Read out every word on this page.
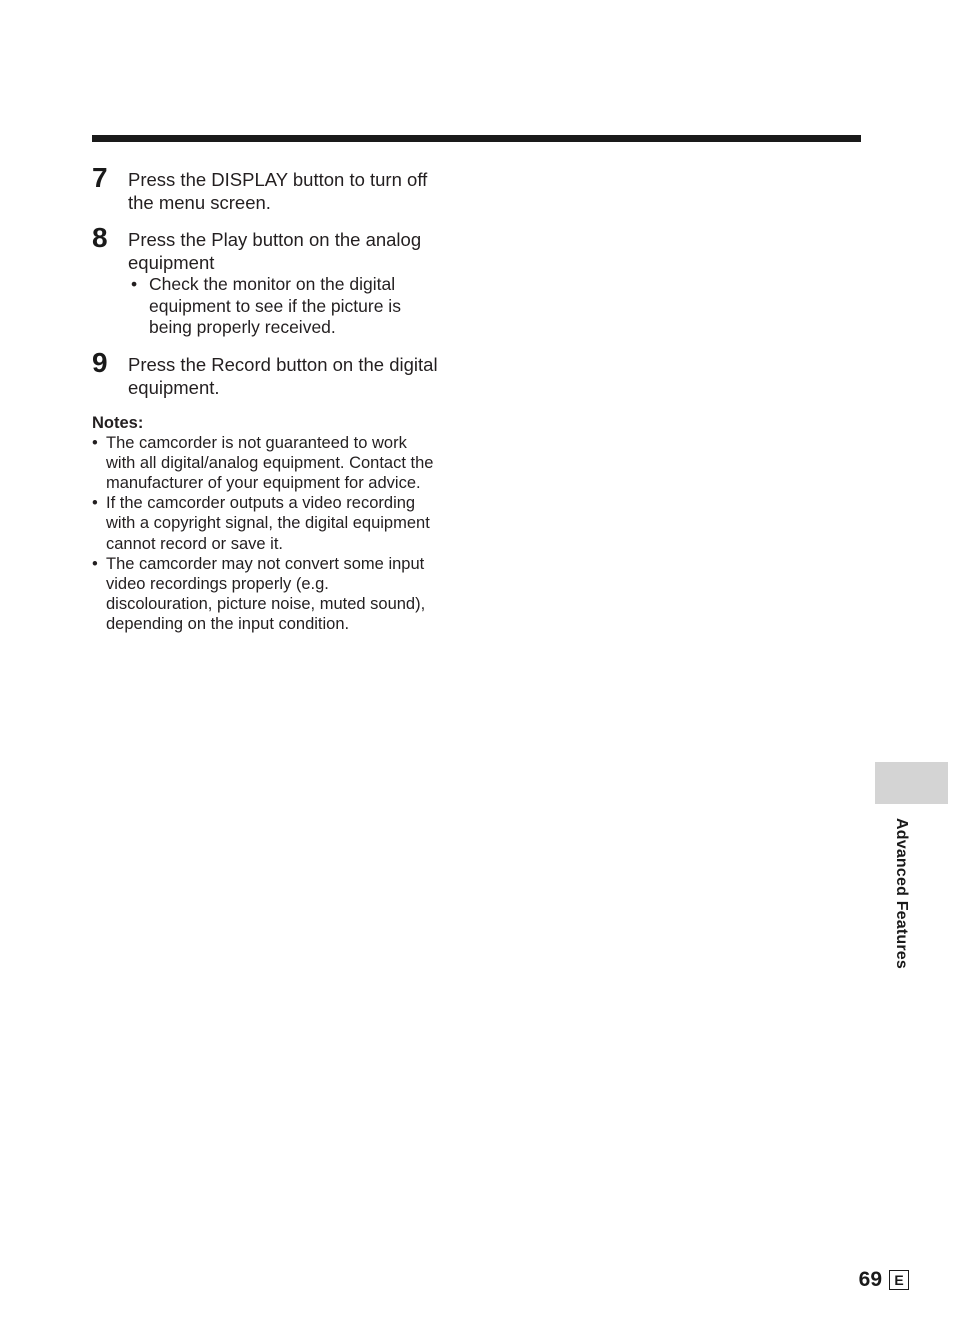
7 Press the DISPLAY button to turn off
the menu screen.
8 Press the Play button on the analog
equipment
• Check the monitor on the digital
equipment to see if the picture is
being properly received.
9 Press the Record button on the digital
equipment.
Notes:
• The camcorder is not guaranteed to work
with all digital/analog equipment. Contact the
manufacturer of your equipment for advice.
• If the camcorder outputs a video recording
with a copyright signal, the digital equipment
cannot record or save it.
• The camcorder may not convert some input
video recordings properly (e.g.
discolouration, picture noise, muted sound),
depending on the input condition.
Advanced Features
69 E
